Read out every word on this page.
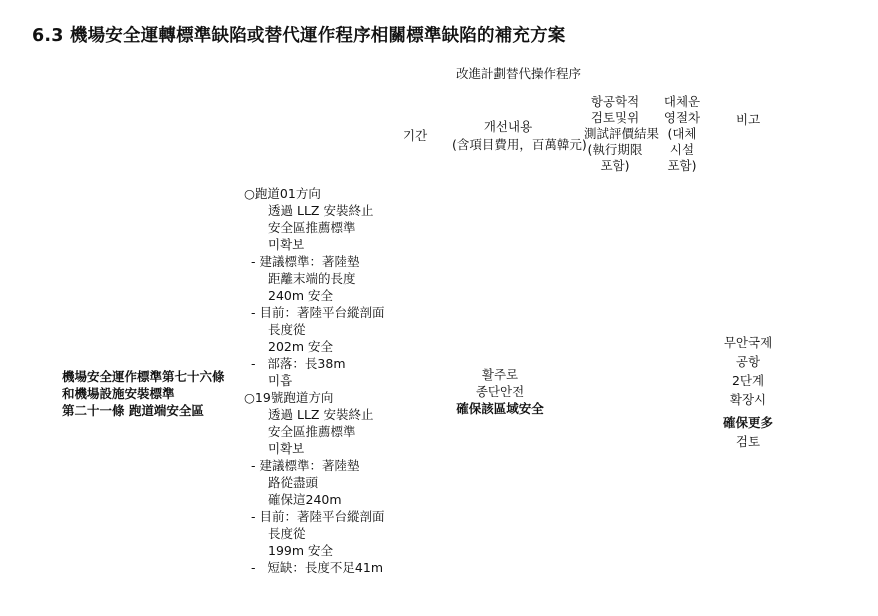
6.3 機場安全運轉標準缺陷或替代運作程序相關標準缺陷的補充方案
改進計劃替代操作程序
기간
개선내용
(含項目費用，百萬韓元)
항공학적
검토및위
測試評價結果
(執行期限
포함)
대체운
영절차
(대체
시설
포함)
비고
機場安全運作標準第七十六條
和機場設施安裝標準
第二十一條 跑道端安全區
○跑道01方向
透過 LLZ 安裝終止
安全區推薦標準
미확보
- 建議標準：著陸墊
距離末端的長度
240m 安全
- 目前：著陸平台縱剖面
長度從
202m 安全
-   部落：長38m
미흡
○19號跑道方向
透過 LLZ 安裝終止
安全區推薦標準
미확보
- 建議標準：著陸墊
路從盡頭
確保這240m
- 目前：著陸平台縱剖面
長度從
199m 安全
-   短缺：長度不足41m
활주로
종단안전
確保該區域安全
무안국제
공항
2단계
확장시
確保更多
검토
